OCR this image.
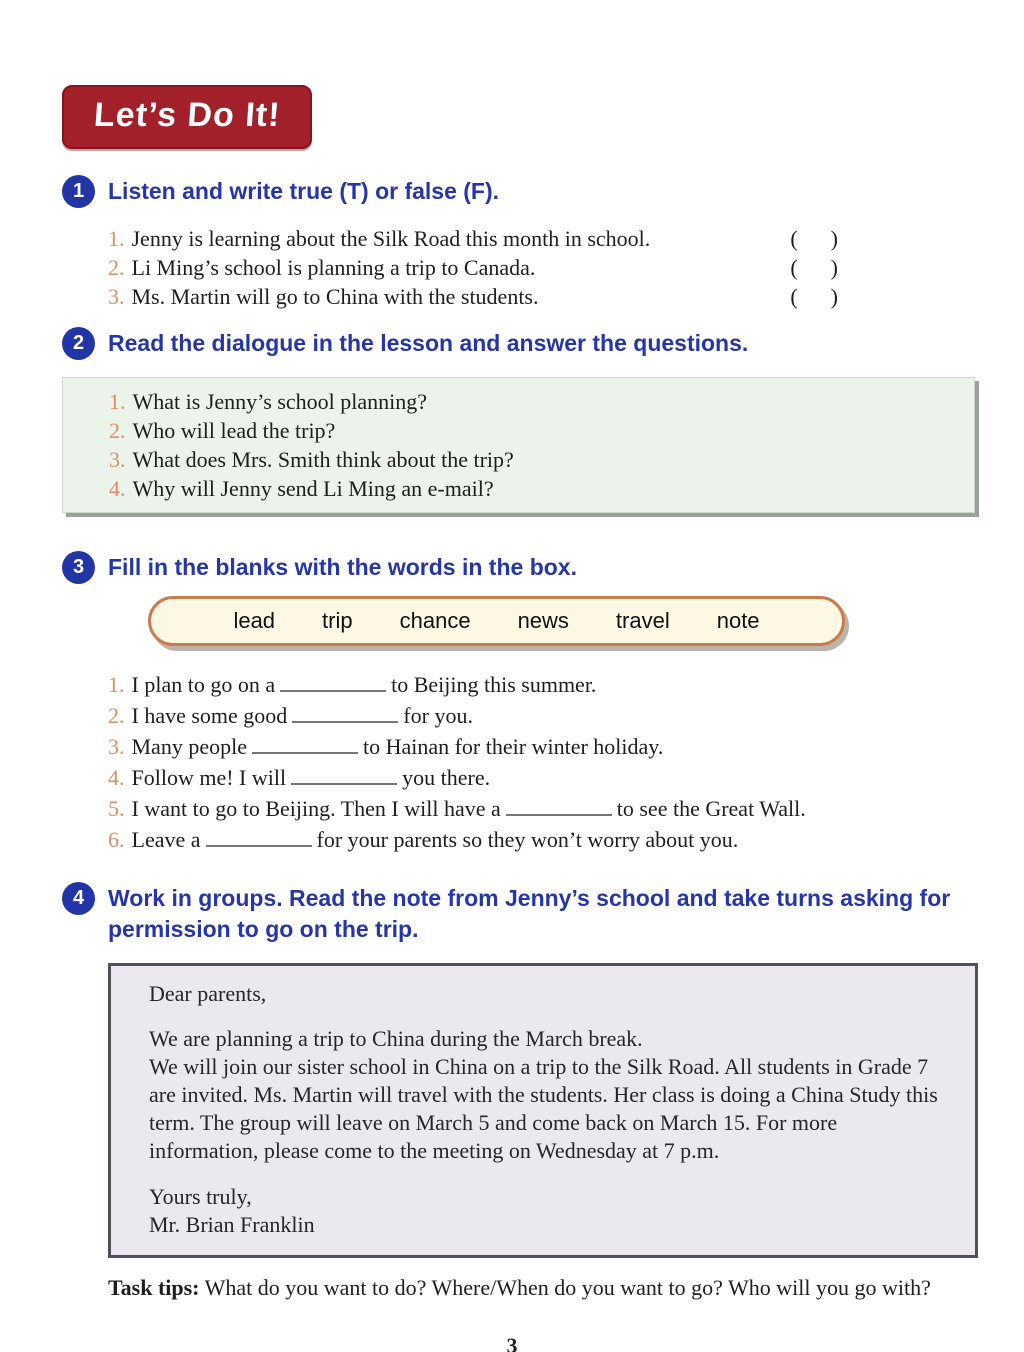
Let’s Do It!
1	Listen and write true (T) or false (F).
1. Jenny is learning about the Silk Road this month in school.	(      )
2. Li Ming’s school is planning a trip to Canada.	(      )
3. Ms. Martin will go to China with the students.	(      )
2	Read the dialogue in the lesson and answer the questions.
1. What is Jenny’s school planning?
2. Who will lead the trip?
3. What does Mrs. Smith think about the trip?
4. Why will Jenny send Li Ming an e-mail?
3	Fill in the blanks with the words in the box.
lead trip chance news travel note
1. I plan to go on a	to Beijing this summer.
2. I have some good	for you.
3. Many people	to Hainan for their winter holiday.
4. Follow me! I will	you there.
5. I want to go to Beijing. Then I will have a	to see the Great Wall.
6. Leave a	for your parents so they won’t worry about you.
4	Work in groups. Read the note from Jenny’s school and take turns asking for permission to go on the trip.

Dear parents,

We are planning a trip to China during the March break.

We will join our sister school in China on a trip to the Silk Road. All students in Grade 7 are invited. Ms. Martin will travel with the students. Her class is doing a China Study this term. The group will leave on March 5 and come back on March 15. For more information, please come to the meeting on Wednesday at 7 p.m.

Yours truly,

Mr. Brian Franklin

Task tips: What do you want to do? Where/When do you want to go? Who will you go with?
3
